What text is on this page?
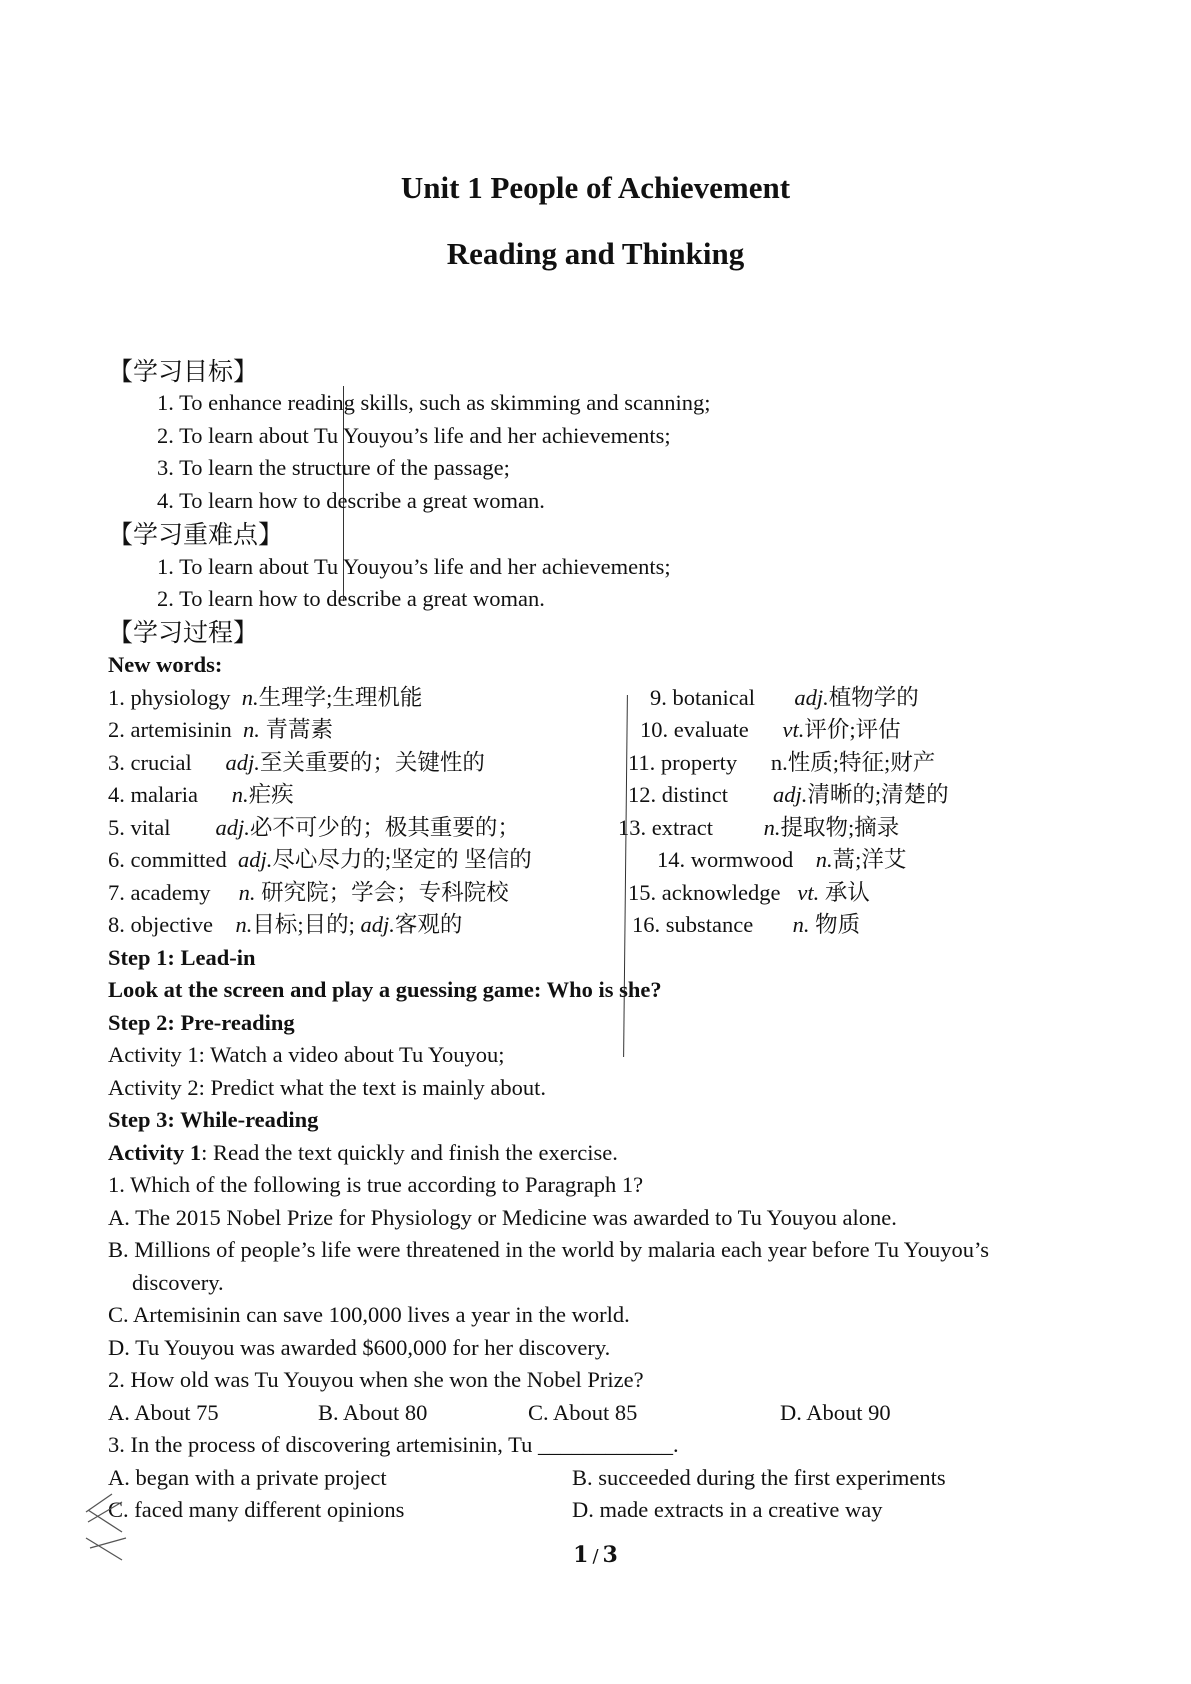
Unit 1 People of Achievement
Reading and Thinking
【学习目标】
1. To enhance reading skills, such as skimming and scanning;
2. To learn about Tu Youyou’s life and her achievements;
3. To learn the structure of the passage;
4. To learn how to describe a great woman.
【学习重难点】
1. To learn about Tu Youyou’s life and her achievements;
2. To learn how to describe a great woman.
【学习过程】
New words:
1. physiology n.生理学;生理机能
2. artemisinin n. 青蒿素
3. crucial adj.至关重要的；关键性的
4. malaria n.疟疾
5. vital adj.必不可少的；极其重要的；
6. committed adj.尽心尽力的;坚定的 坚信的
7. academy n. 研究院；学会；专科院校
8. objective n.目标;目的; adj.客观的
9. botanical adj.植物学的
10. evaluate vt.评价;评估
11. property n.性质;特征;财产
12. distinct adj.清晰的;清楚的
13. extract n.提取物;摘录
14. wormwood n.蒿;洋艾
15. acknowledge vt. 承认
16. substance n. 物质
Step 1: Lead-in
Look at the screen and play a guessing game: Who is she?
Step 2: Pre-reading
Activity 1: Watch a video about Tu Youyou;
Activity 2: Predict what the text is mainly about.
Step 3: While-reading
Activity 1: Read the text quickly and finish the exercise.
1. Which of the following is true according to Paragraph 1?
A. The 2015 Nobel Prize for Physiology or Medicine was awarded to Tu Youyou alone.
B. Millions of people’s life were threatened in the world by malaria each year before Tu Youyou’s
discovery.
C. Artemisinin can save 100,000 lives a year in the world.
D. Tu Youyou was awarded $600,000 for her discovery.
2. How old was Tu Youyou when she won the Nobel Prize?
A. About 75	B. About 80	C. About 85	D. About 90
3. In the process of discovering artemisinin, Tu ____________.
A. began with a private project	B. succeeded during the first experiments
C. faced many different opinions	D. made extracts in a creative way
1 / 3
